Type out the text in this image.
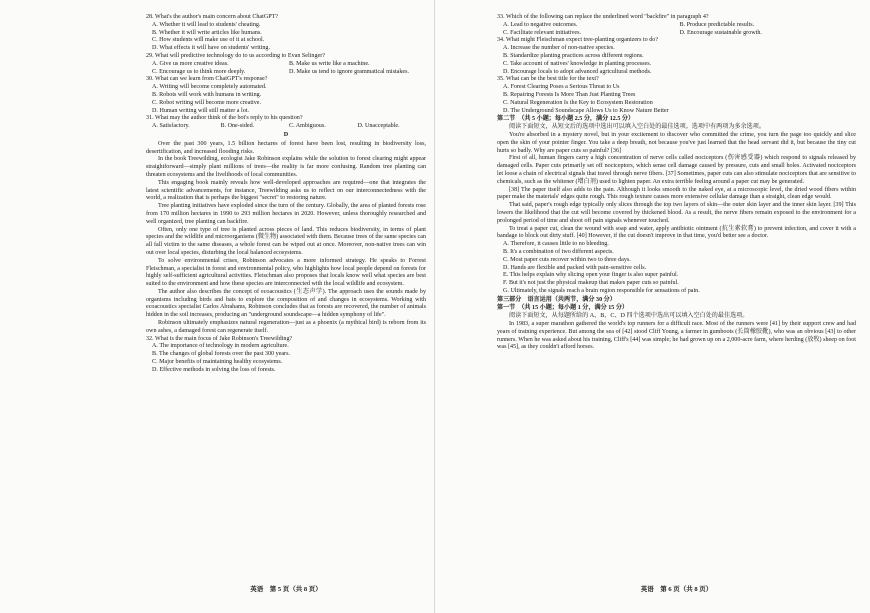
28. What's the author's main concern about ChatGPT?

A. Whether it will lead to students' cheating.

B. Whether it will write articles like humans.

C. How students will make use of it at school.

D. What effects it will have on students' writing.

29. What will predictive technology do to us according to Evan Selinger?

A. Give us more creative ideas.	B. Make us write like a machine.
C. Encourage us to think more deeply.	D. Make us tend to ignore grammatical mistakes.

30. What can we learn from ChatGPT's response?

A. Writing will become completely automated.

B. Robots will work with humans in writing.

C. Robot writing will become more creative.

D. Human writing will still matter a lot.

31. What may the author think of the bot's reply to his question?

A. Satisfactory.	B. One-sided.	C. Ambiguous.	D. Unacceptable.

D

Over the past 300 years, 1.5 billion hectares of forest have been lost, resulting in biodiversity loss, desertification, and increased flooding risks.

In the book Treewilding, ecologist Jake Robinson explains while the solution to forest clearing might appear straightforward—simply plant millions of trees—the reality is far more confusing. Random tree planting can threaten ecosystems and the livelihoods of local communities.

This engaging book mainly reveals how well-developed approaches are required—one that integrates the latest scientific advancements, for instance, Treewilding asks us to reflect on our interconnectedness with the world, a realization that is perhaps the biggest "secret" to restoring nature.

Tree planting initiatives have exploded since the turn of the century. Globally, the area of planted forests rose from 170 million hectares in 1990 to 293 million hectares in 2020. However, unless thoroughly researched and well organized, tree planting can backfire.

Often, only one type of tree is planted across pieces of land. This reduces biodiversity, in terms of plant species and the wildlife and microorganisms (微生物) associated with them. Because trees of the same species can all fall victim to the same diseases, a whole forest can be wiped out at once. Moreover, non-native trees can win out over local species, disturbing the local balanced ecosystems.

To solve environmental crises, Robinson advocates a more informed strategy. He speaks to Forrest Fleischman, a specialist in forest and environmental policy, who highlights how local people depend on forests for highly self-sufficient agricultural activities. Fleischman also proposes that locals know well what species are best suited to the environment and how these species are interconnected with the local wildlife and ecosystem.

The author also describes the concept of ecoacoustics (生态声学). The approach uses the sounds made by organisms including birds and bats to explore the composition of and changes in ecosystems. Working with ecoacoustics specialist Carlos Abrahams, Robinson concludes that as forests are recovered, the number of animals hidden in the soil increases, producing an "underground soundscape—a hidden symphony of life".

Robinson ultimately emphasizes natural regeneration—just as a phoenix (a mythical bird) is reborn from its own ashes, a damaged forest can regenerate itself.

32. What is the main focus of Jake Robinson's Treewilding?

A. The importance of technology in modern agriculture.

B. The changes of global forests over the past 300 years.

C. Major benefits of maintaining healthy ecosystems.

D. Effective methods in solving the loss of forests.

英语　第 5 页（共 8 页）

33. Which of the following can replace the underlined word "backfire" in paragraph 4?

A. Lead to negative outcomes.	B. Produce predictable results.
C. Facilitate relevant initiatives.	D. Encourage sustainable growth.

34. What might Fleischman expect tree-planting organizers to do?

A. Increase the number of non-native species.

B. Standardize planting practices across different regions.

C. Take account of natives' knowledge in planting processes.

D. Encourage locals to adopt advanced agricultural methods.

35. What can be the best title for the text?

A. Forest Clearing Poses a Serious Threat to Us

B. Repairing Forests Is More Than Just Planting Trees

C. Natural Regeneration Is the Key to Ecosystem Restoration

D. The Underground Soundscape Allows Us to Know Nature Better

第二节　（共 5 小题；每小题 2.5 分，满分 12.5 分）

阅读下面短文，从短文后的选项中选出可以填入空白处的最佳选项。选项中有两项为多余选项。

You're absorbed in a mystery novel, but in your excitement to discover who committed the crime, you turn the page too quickly and slice open the skin of your pointer finger. You take a deep breath, not because you've just learned that the head servant did it, but because the tiny cut hurts so badly. Why are paper cuts so painful? [36]

First of all, human fingers carry a high concentration of nerve cells called nociceptors (伤害感受器) which respond to signals released by damaged cells. Paper cuts primarily set off nociceptors, which sense cell damage caused by pressure, cuts and small holes. Activated nociceptors let loose a chain of electrical signals that travel through nerve fibers. [37] Sometimes, paper cuts can also stimulate nociceptors that are sensitive to chemicals, such as the whitener (增白剂) used to lighten paper. An extra terrible feeling around a paper cut may be generated.

[38] The paper itself also adds to the pain. Although it looks smooth to the naked eye, at a microscopic level, the dried wood fibers within paper make the materials' edges quite rough. This rough texture causes more extensive cellular damage than a straight, clean edge would.

That said, paper's rough edge typically only slices through the top two layers of skin—the outer skin layer and the inner skin layer. [39] This lowers the likelihood that the cut will become covered by thickened blood. As a result, the nerve fibers remain exposed to the environment for a prolonged period of time and shoot off pain signals whenever touched.

To treat a paper cut, clean the wound with soap and water, apply antibiotic ointment (抗生素软膏) to prevent infection, and cover it with a bandage to block out dirty stuff. [40] However, if the cut doesn't improve in that time, you'd better see a doctor.

A. Therefore, it causes little to no bleeding.

B. It's a combination of two different aspects.

C. Most paper cuts recover within two to three days.

D. Hands are flexible and packed with pain-sensitive cells.

E. This helps explain why slicing open your finger is also super painful.

F. But it's not just the physical makeup that makes paper cuts so painful.

G. Ultimately, the signals reach a brain region responsible for sensations of pain.

第三部分　语言运用（共两节，满分 30 分）

第一节　（共 15 小题；每小题 1 分，满分 15 分）

阅读下面短文，从每题所给的 A、B、C、D 四个选项中选出可以填入空白处的最佳选项。

In 1983, a super marathon gathered the world's top runners for a difficult race. Most of the runners were [41] by their support crew and had years of training experience. But among the sea of [42] stood Cliff Young, a farmer in gumboots (长筒橡胶靴), who was an obvious [43] to other runners. When he was asked about his training, Cliff's [44] was simple; he had grown up on a 2,000-acre farm, where herding (放牧) sheep on foot was [45], as they couldn't afford horses.

英语　第 6 页（共 8 页）
